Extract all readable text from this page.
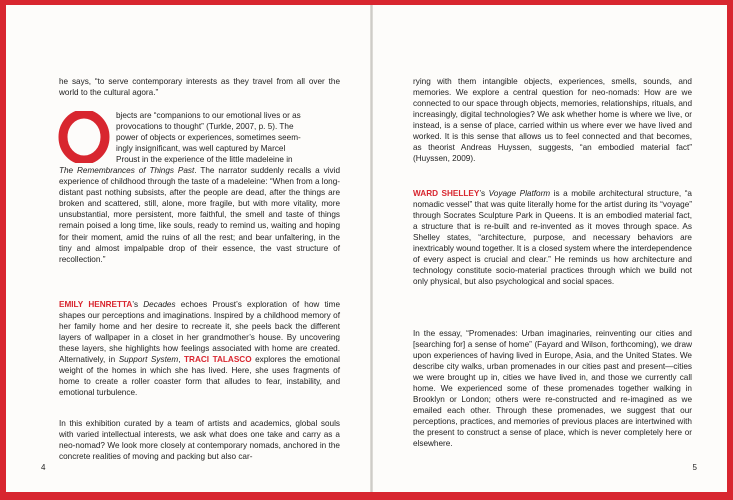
he says, “to serve contemporary interests as they travel from all over the world to the cultural agora.”

O	bjects are “companions to our emotional lives or as
provocations to thought” (Turkle, 2007, p. 5). The
power of objects or experiences, sometimes seem-
ingly insignificant, was well captured by Marcel
Proust in the experience of the little madeleine in

The Remembrances of Things Past. The narrator suddenly recalls a vivid experience of childhood through the taste of a madeleine: “When from a long-distant past nothing subsists, after the people are dead, after the things are broken and scattered, still, alone, more fragile, but with more vitality, more unsubstantial, more persistent, more faithful, the smell and taste of things remain poised a long time, like souls, ready to remind us, waiting and hoping for their moment, amid the ruins of all the rest; and bear unfaltering, in the tiny and almost impalpable drop of their essence, the vast structure of recollection.”

EMILY HENRETTA’s Decades echoes Proust’s exploration of how time shapes our perceptions and imaginations. Inspired by a childhood memory of her family home and her desire to recreate it, she peels back the different layers of wallpaper in a closet in her grandmother’s house. By uncovering these layers, she highlights how feelings associated with home are created. Alternatively, in Support System, TRACI TALASCO explores the emotional weight of the homes in which she has lived. Here, she uses fragments of home to create a roller coaster form that alludes to fear, instability, and emotional turbulence.

In this exhibition curated by a team of artists and academics, global souls with varied intellectual interests, we ask what does one take and carry as a neo-nomad? We look more closely at contemporary nomads, anchored in the concrete realities of moving and packing but also car-

4

rying with them intangible objects, experiences, smells, sounds, and memories. We explore a central question for neo-nomads: How are we connected to our space through objects, memories, relationships, rituals, and increasingly, digital technologies? We ask whether home is where we live, or instead, is a sense of place, carried within us where ever we have lived and worked. It is this sense that allows us to feel connected and that becomes, as theorist Andreas Huyssen, suggests, “an embodied material fact” (Huyssen, 2009).

WARD SHELLEY’s Voyage Platform is a mobile architectural structure, “a nomadic vessel” that was quite literally home for the artist during its “voyage” through Socrates Sculpture Park in Queens. It is an embodied material fact, a structure that is re-built and re-invented as it moves through space. As Shelley states, “architecture, purpose, and necessary behaviors are inextricably wound together. It is a closed system where the interdependence of every aspect is crucial and clear.” He reminds us how architecture and technology constitute socio-material practices through which we build not only physical, but also psychological and social spaces.

In the essay, “Promenades: Urban imaginaries, reinventing our cities and [searching for] a sense of home” (Fayard and Wilson, forthcoming), we draw upon experiences of having lived in Europe, Asia, and the United States. We describe city walks, urban promenades in our cities past and present—cities we were brought up in, cities we have lived in, and those we currently call home. We experienced some of these promenades together walking in Brooklyn or London; others were re-constructed and re-imagined as we emailed each other. Through these promenades, we suggest that our perceptions, practices, and memories of previous places are intertwined with the present to construct a sense of place, which is never completely here or elsewhere.

5
